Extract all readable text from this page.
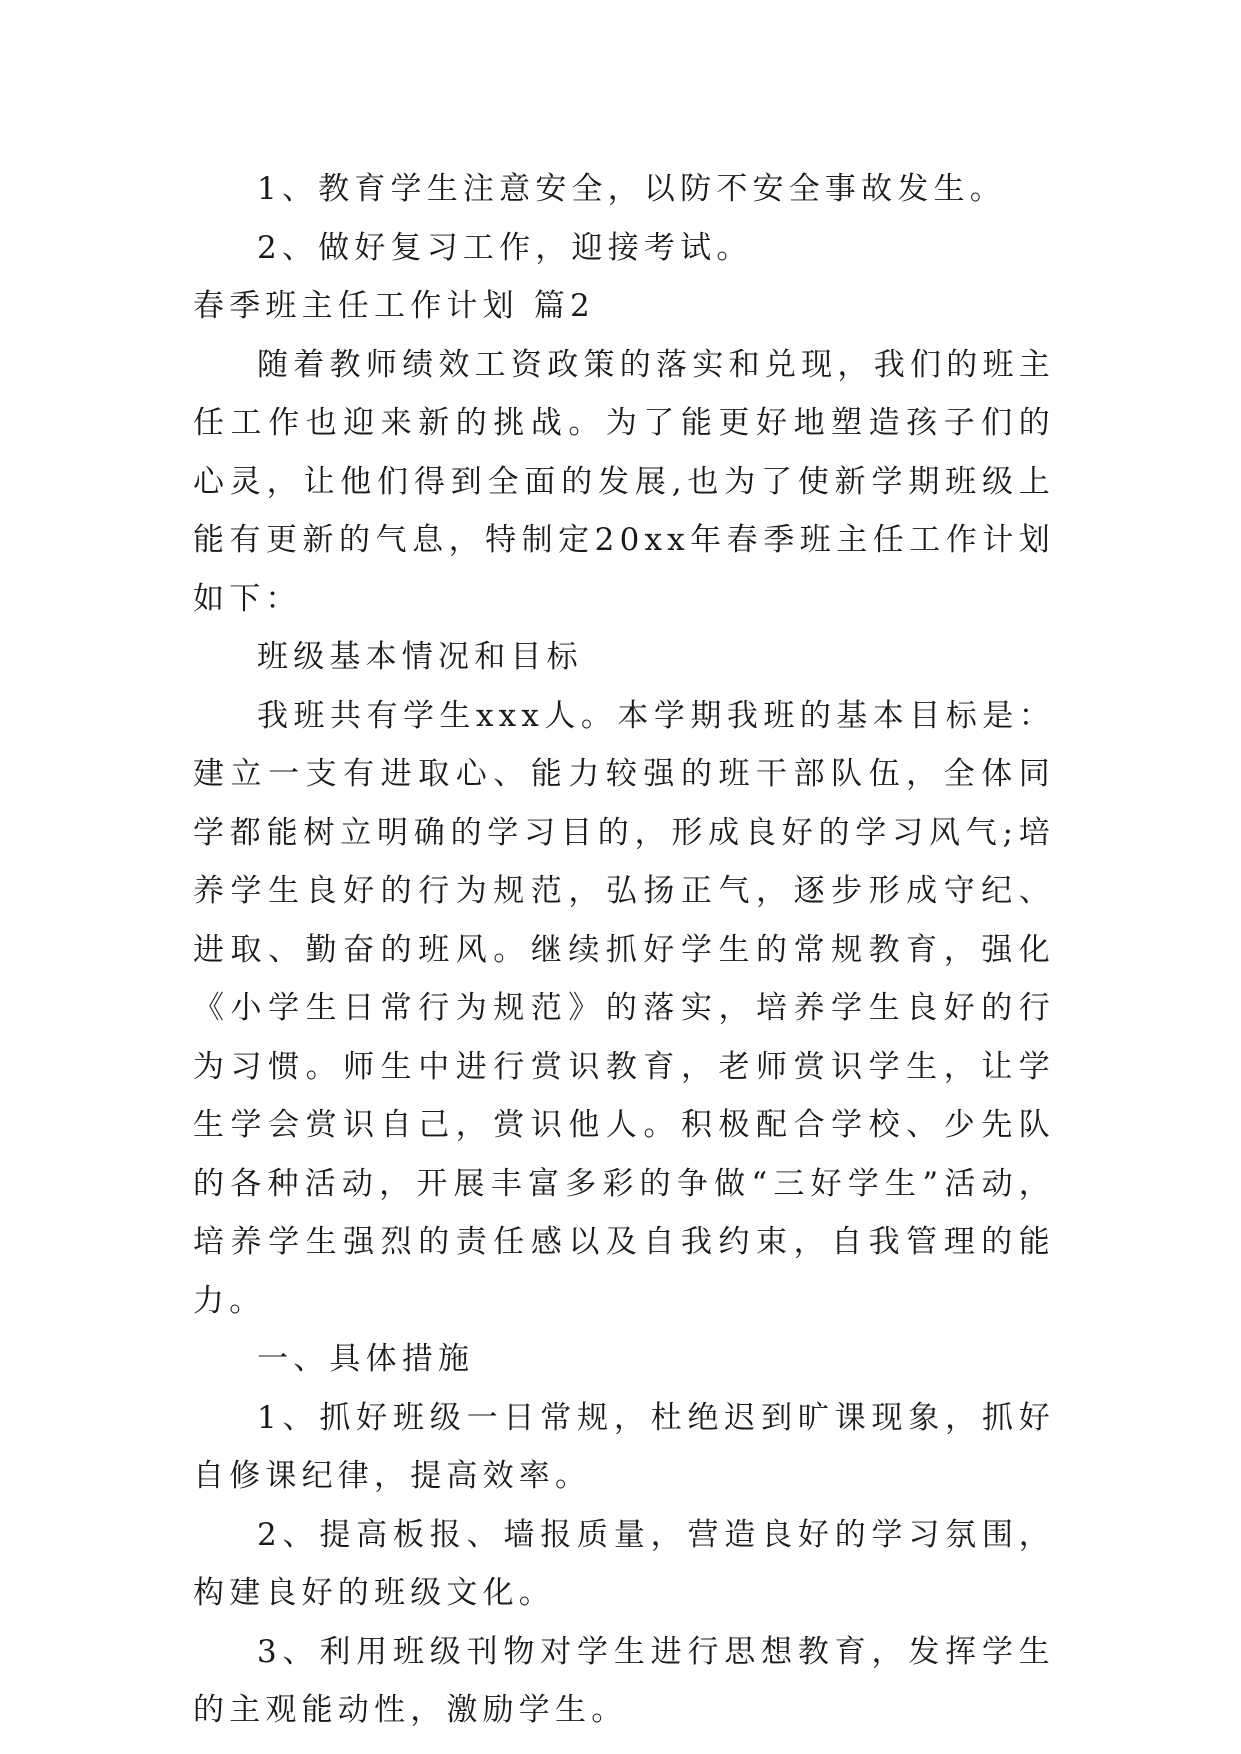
1、教育学生注意安全，以防不安全事故发生。

2、做好复习工作，迎接考试。

春季班主任工作计划 篇2

随着教师绩效工资政策的落实和兑现，我们的班主任工作也迎来新的挑战。为了能更好地塑造孩子们的心灵，让他们得到全面的发展,也为了使新学期班级上能有更新的气息，特制定20xx年春季班主任工作计划如下：

班级基本情况和目标

我班共有学生xxx人。本学期我班的基本目标是：建立一支有进取心、能力较强的班干部队伍，全体同学都能树立明确的学习目的，形成良好的学习风气;培养学生良好的行为规范，弘扬正气，逐步形成守纪、进取、勤奋的班风。继续抓好学生的常规教育，强化《小学生日常行为规范》的落实，培养学生良好的行为习惯。师生中进行赏识教育，老师赏识学生，让学生学会赏识自己，赏识他人。积极配合学校、少先队的各种活动，开展丰富多彩的争做“三好学生”活动，培养学生强烈的责任感以及自我约束，自我管理的能力。

一、具体措施

1、抓好班级一日常规，杜绝迟到旷课现象，抓好自修课纪律，提高效率。

2、提高板报、墙报质量，营造良好的学习氛围，构建良好的班级文化。

3、利用班级刊物对学生进行思想教育，发挥学生的主观能动性，激励学生。
